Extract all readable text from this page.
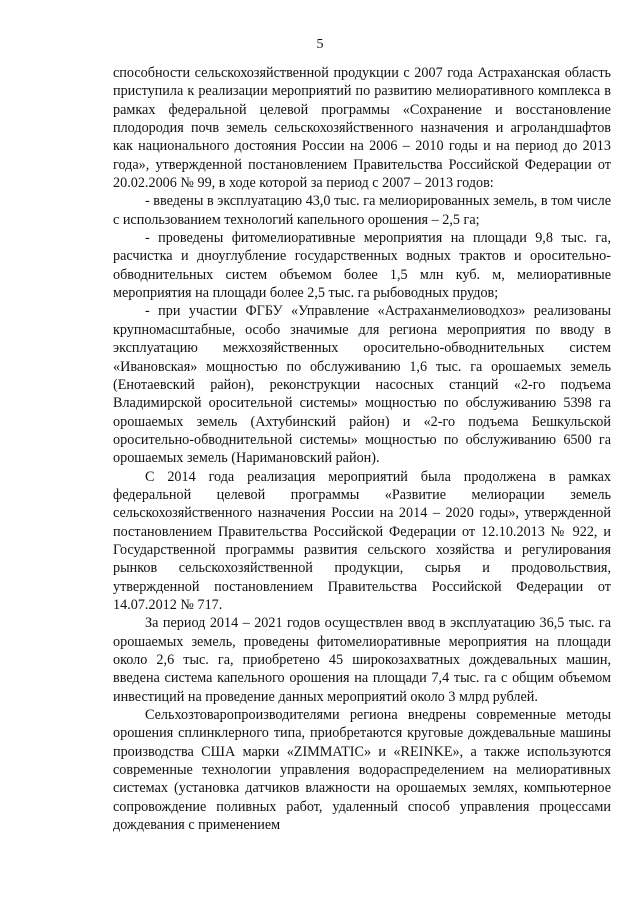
5

способности сельскохозяйственной продукции с 2007 года Астраханская область приступила к реализации мероприятий по развитию мелиоративного комплекса в рамках федеральной целевой программы «Сохранение и восстановление плодородия почв земель сельскохозяйственного назначения и агроландшафтов как национального достояния России на 2006 – 2010 годы и на период до 2013 года», утвержденной постановлением Правительства Российской Федерации от 20.02.2006 № 99, в ходе которой за период с 2007 – 2013 годов:

- введены в эксплуатацию 43,0 тыс. га мелиорированных земель, в том числе с использованием технологий капельного орошения – 2,5 га;

- проведены фитомелиоративные мероприятия на площади 9,8 тыс. га, расчистка и дноуглубление государственных водных трактов и оросительно-обводнительных систем объемом более 1,5 млн куб. м, мелиоративные мероприятия на площади более 2,5 тыс. га рыбоводных прудов;

- при участии ФГБУ «Управление «Астраханмелиоводхоз» реализованы крупномасштабные, особо значимые для региона мероприятия по вводу в эксплуатацию межхозяйственных оросительно-обводнительных систем «Ивановская» мощностью по обслуживанию 1,6 тыс. га орошаемых земель (Енотаевский район), реконструкции насосных станций «2-го подъема Владимирской оросительной системы» мощностью по обслуживанию 5398 га орошаемых земель (Ахтубинский район) и «2-го подъема Бешкульской оросительно-обводнительной системы» мощностью по обслуживанию 6500 га орошаемых земель (Наримановский район).

С 2014 года реализация мероприятий была продолжена в рамках федеральной целевой программы «Развитие мелиорации земель сельскохозяйственного назначения России на 2014 – 2020 годы», утвержденной постановлением Правительства Российской Федерации от 12.10.2013 № 922, и Государственной программы развития сельского хозяйства и регулирования рынков сельскохозяйственной продукции, сырья и продовольствия, утвержденной постановлением Правительства Российской Федерации от 14.07.2012 № 717.

За период 2014 – 2021 годов осуществлен ввод в эксплуатацию 36,5 тыс. га орошаемых земель, проведены фитомелиоративные мероприятия на площади около 2,6 тыс. га, приобретено 45 широкозахватных дождевальных машин, введена система капельного орошения на площади 7,4 тыс. га с общим объемом инвестиций на проведение данных мероприятий около 3 млрд рублей.

Сельхозтоваропроизводителями региона внедрены современные методы орошения сплинклерного типа, приобретаются круговые дождевальные машины производства США марки «ZIMMATIC» и «REINKE», а также используются современные технологии управления водораспределением на мелиоративных системах (установка датчиков влажности на орошаемых землях, компьютерное сопровождение поливных работ, удаленный способ управления процессами дождевания с применением
